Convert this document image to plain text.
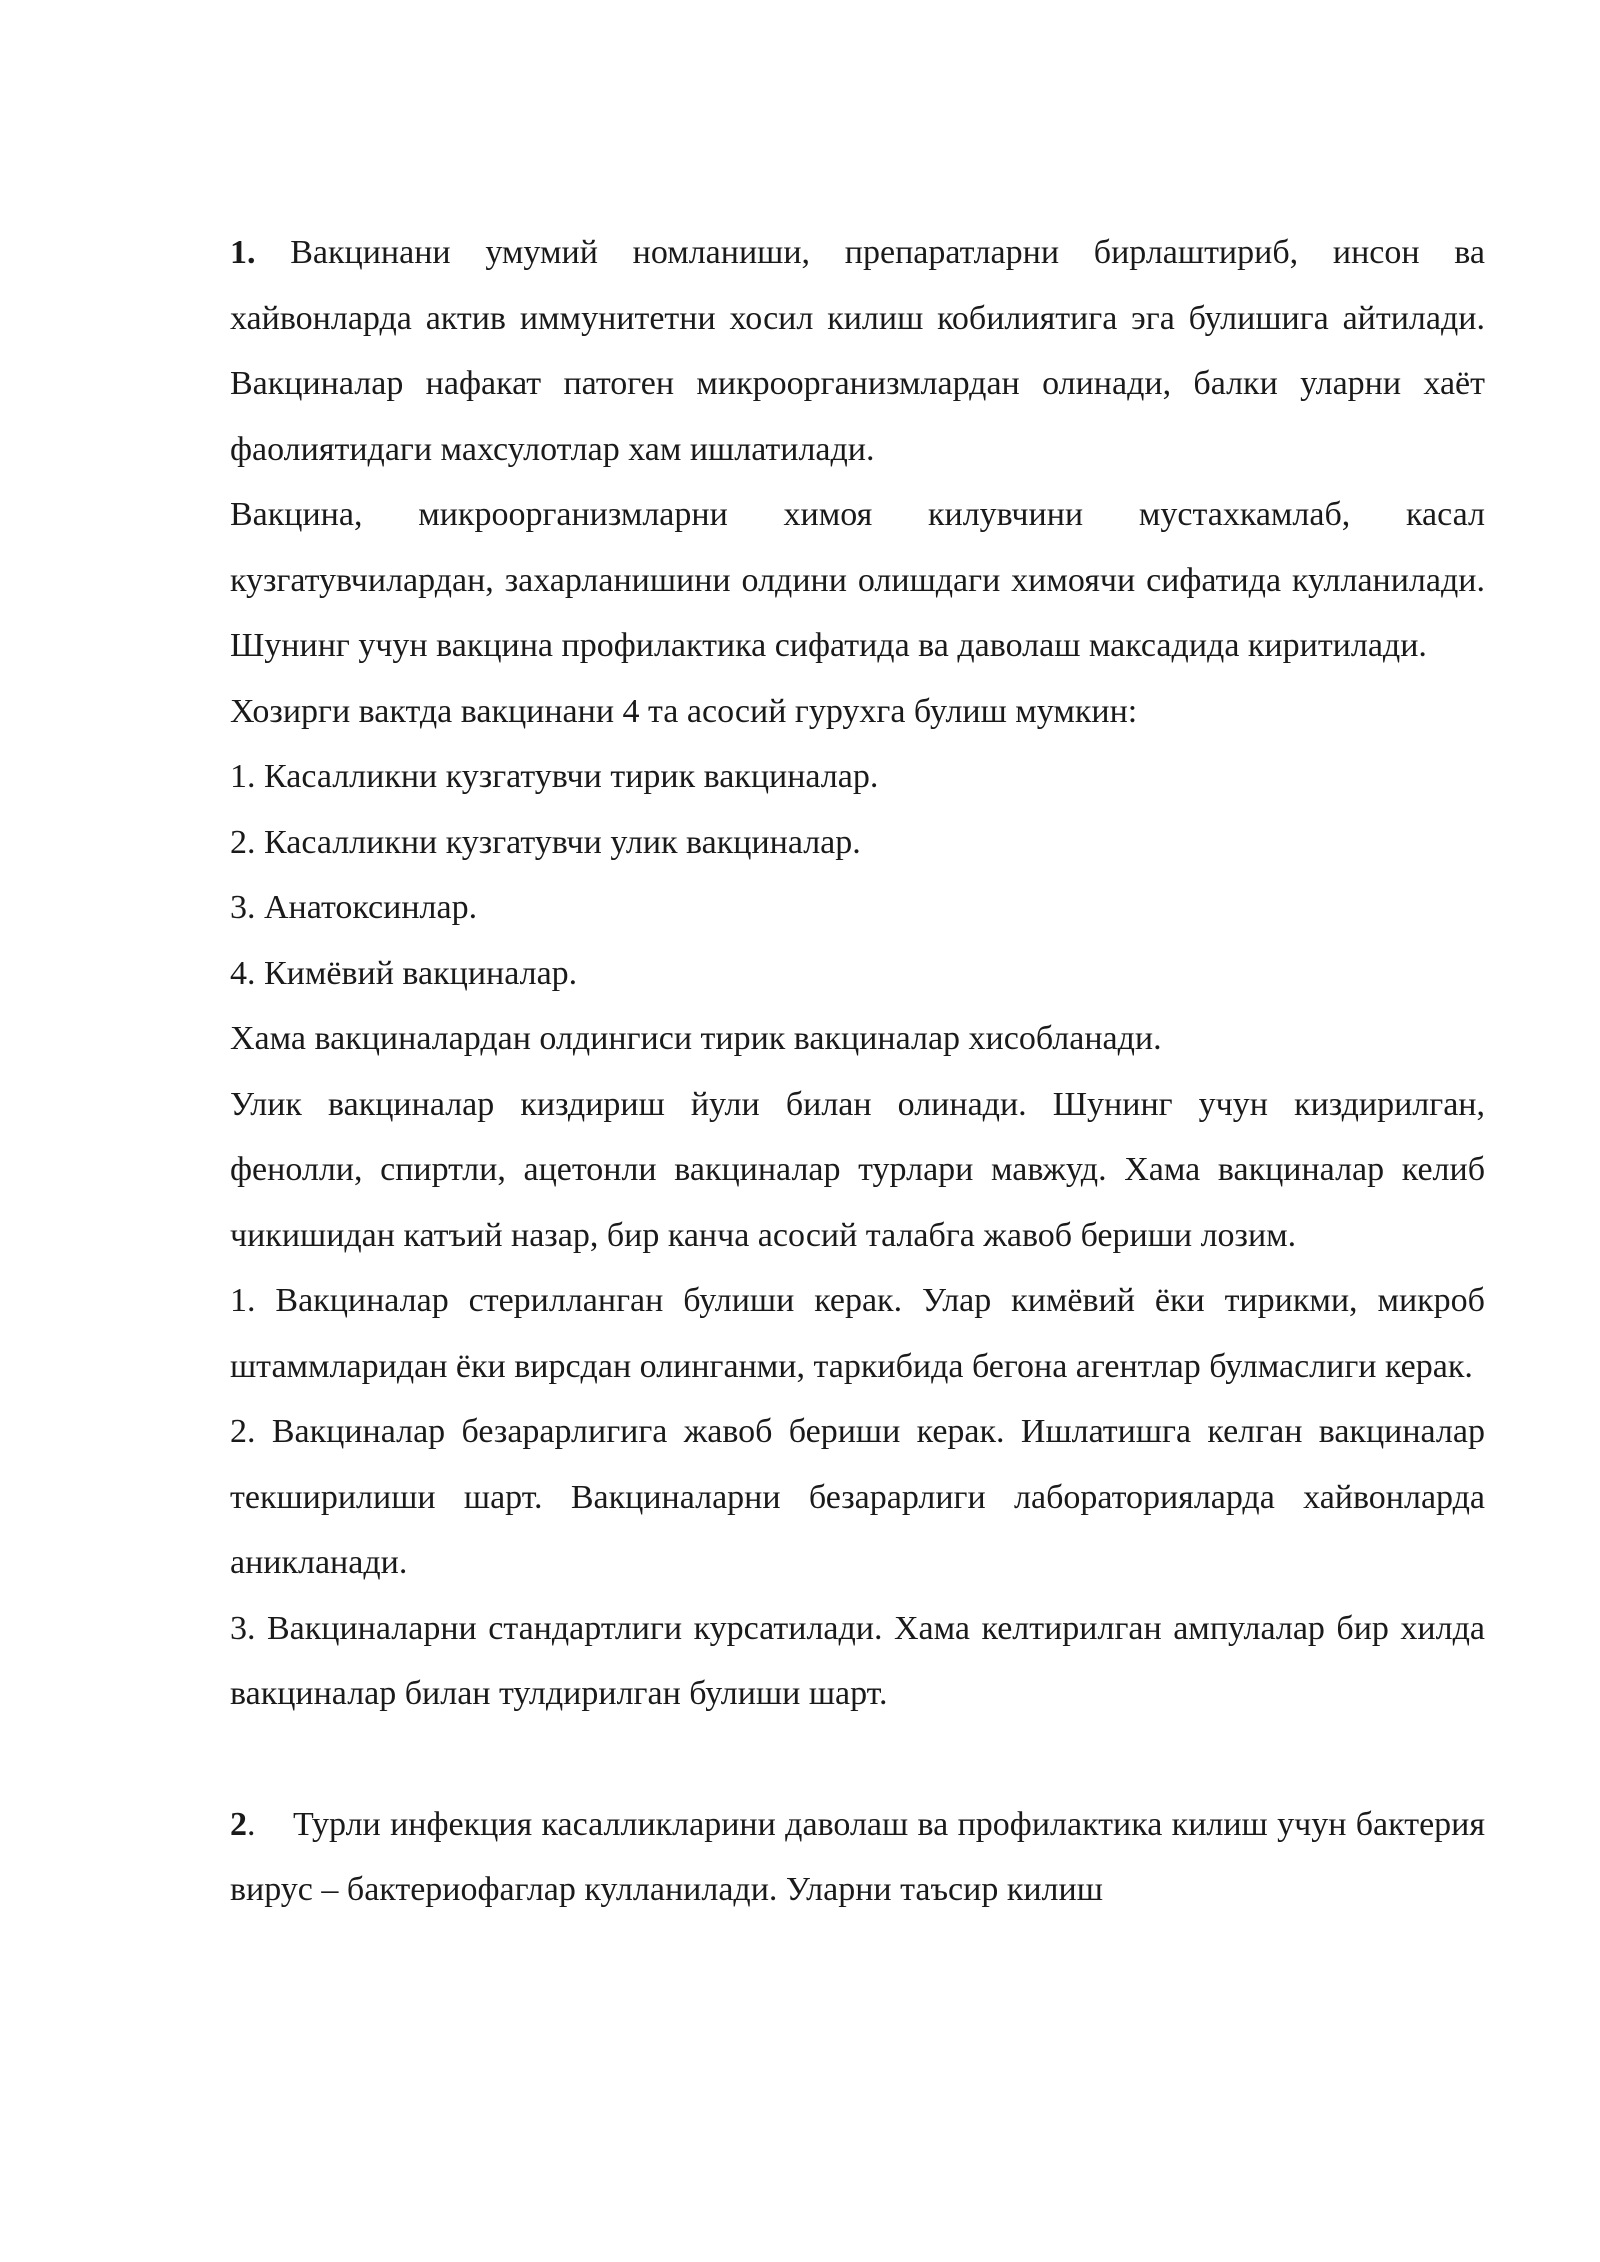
1. Вакцинани умумий номланиши, препаратларни бирлаштириб, инсон ва хайвонларда актив иммунитетни хосил килиш кобилиятига эга булишига айтилади. Вакциналар нафакат патоген микроорганизмлардан олинади, балки уларни хаёт фаолиятидаги махсулотлар хам ишлатилади.

Вакцина, микроорганизмларни химоя килувчини мустахкамлаб, касал кузгатувчилардан, захарланишини олдини олишдаги химоячи сифатида кулланилади. Шунинг учун вакцина профилактика сифатида ва даволаш максадида киритилади.

Хозирги вактда вакцинани 4 та асосий гурухга булиш мумкин:

1. Касалликни кузгатувчи тирик вакциналар.

2. Касалликни кузгатувчи улик вакциналар.

3. Анатоксинлар.

4. Кимёвий вакциналар.

Хама вакциналардан олдингиси тирик вакциналар хисобланади.

Улик вакциналар киздириш йули билан олинади. Шунинг учун киздирилган, фенолли, спиртли, ацетонли вакциналар турлари мавжуд. Хама вакциналар келиб чикишидан катъий назар, бир канча асосий талабга жавоб бериши лозим.

1. Вакциналар стерилланган булиши керак. Улар кимёвий ёки тирикми, микроб штаммларидан ёки вирсдан олинганми, таркибида бегона агентлар булмаслиги керак.

2. Вакциналар безарарлигига жавоб бериши керак. Ишлатишга келган вакциналар текширилиши шарт. Вакциналарни безарарлиги лабораторияларда хайвонларда аникланади.

3. Вакциналарни стандартлиги курсатилади. Хама келтирилган ампулалар бир хилда вакциналар билан тулдирилган булиши шарт.

2.    Турли инфекция касалликларини даволаш ва профилактика килиш учун бактерия вирус – бактериофаглар кулланилади. Уларни таъсир килиш
